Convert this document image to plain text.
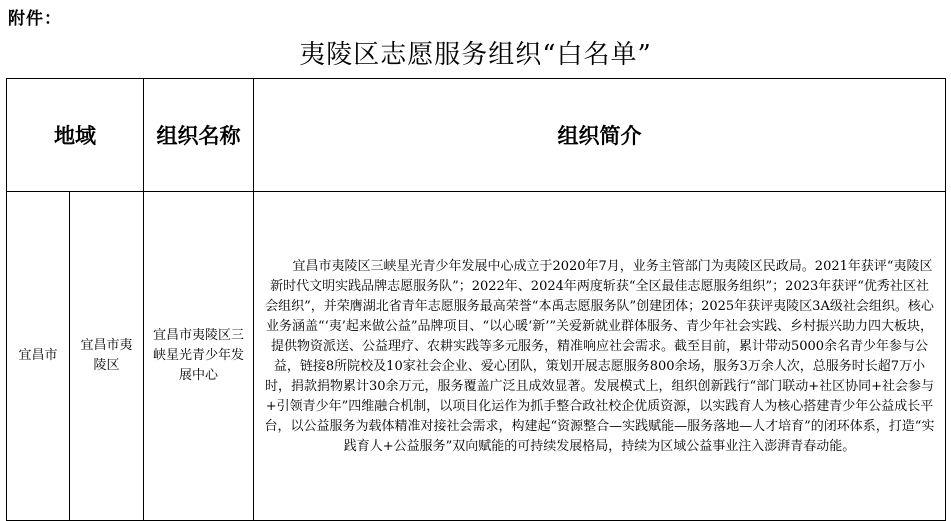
附件：
夷陵区志愿服务组织“白名单”
地域		组织名称	组织简介
宜昌市	宜昌市夷陵区	宜昌市夷陵区三峡星光青少年发展中心	宜昌市夷陵区三峡星光青少年发展中心成立于2020年7月，业务主管部门为夷陵区民政局。2021年获评“夷陵区新时代文明实践品牌志愿服务队”；2022年、2024年两度斩获“全区最佳志愿服务组织”；2023年获评“优秀社区社会组织”，并荣膺湖北省青年志愿服务最高荣誉“本禹志愿服务队”创建团体；2025年获评夷陵区3A级社会组织。核心业务涵盖“‘夷’起来做公益”品牌项目、“以心暖‘新’”关爱新就业群体服务、青少年社会实践、乡村振兴助力四大板块，提供物资派送、公益理疗、农耕实践等多元服务，精准响应社会需求。截至目前，累计带动5000余名青少年参与公益，链接8所院校及10家社会企业、爱心团队，策划开展志愿服务800余场，服务3万余人次，总服务时长超7万小时，捐款捐物累计30余万元，服务覆盖广泛且成效显著。发展模式上，组织创新践行“部门联动+社区协同+社会参与+引领青少年”四维融合机制，以项目化运作为抓手整合政社校企优质资源，以实践育人为核心搭建青少年公益成长平台，以公益服务为载体精准对接社会需求，构建起“资源整合—实践赋能—服务落地—人才培育”的闭环体系，打造“实践育人+公益服务”双向赋能的可持续发展格局，持续为区域公益事业注入澎湃青春动能。
